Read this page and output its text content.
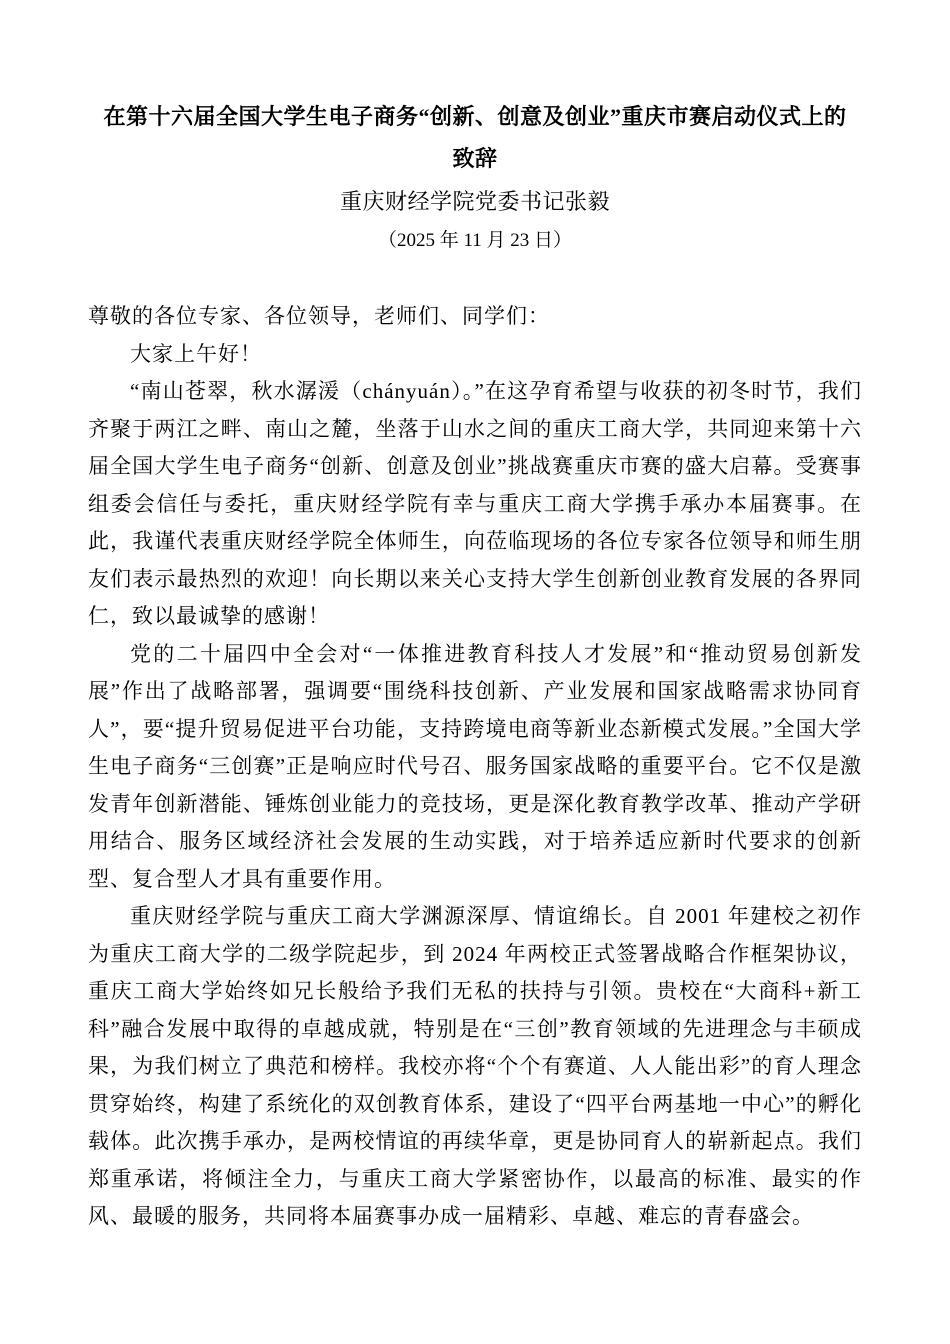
在第十六届全国大学生电子商务“创新、创意及创业”重庆市赛启动仪式上的致辞
重庆财经学院党委书记张毅
（2025 年 11 月 23 日）

尊敬的各位专家、各位领导，老师们、同学们：

大家上午好！

“南山苍翠，秋水潺湲（chányuán）。”在这孕育希望与收获的初冬时节，我们齐聚于两江之畔、南山之麓，坐落于山水之间的重庆工商大学，共同迎来第十六届全国大学生电子商务“创新、创意及创业”挑战赛重庆市赛的盛大启幕。受赛事组委会信任与委托，重庆财经学院有幸与重庆工商大学携手承办本届赛事。在此，我谨代表重庆财经学院全体师生，向莅临现场的各位专家各位领导和师生朋友们表示最热烈的欢迎！向长期以来关心支持大学生创新创业教育发展的各界同仁，致以最诚挚的感谢！

党的二十届四中全会对“一体推进教育科技人才发展”和“推动贸易创新发展”作出了战略部署，强调要“围绕科技创新、产业发展和国家战略需求协同育人”，要“提升贸易促进平台功能，支持跨境电商等新业态新模式发展。”全国大学生电子商务“三创赛”正是响应时代号召、服务国家战略的重要平台。它不仅是激发青年创新潜能、锤炼创业能力的竞技场，更是深化教育教学改革、推动产学研用结合、服务区域经济社会发展的生动实践，对于培养适应新时代要求的创新型、复合型人才具有重要作用。

重庆财经学院与重庆工商大学渊源深厚、情谊绵长。自 2001 年建校之初作为重庆工商大学的二级学院起步，到 2024 年两校正式签署战略合作框架协议，重庆工商大学始终如兄长般给予我们无私的扶持与引领。贵校在“大商科+新工科”融合发展中取得的卓越成就，特别是在“三创”教育领域的先进理念与丰硕成果，为我们树立了典范和榜样。我校亦将“个个有赛道、人人能出彩”的育人理念贯穿始终，构建了系统化的双创教育体系，建设了“四平台两基地一中心”的孵化载体。此次携手承办，是两校情谊的再续华章，更是协同育人的崭新起点。我们郑重承诺，将倾注全力，与重庆工商大学紧密协作，以最高的标准、最实的作风、最暖的服务，共同将本届赛事办成一届精彩、卓越、难忘的青春盛会。
